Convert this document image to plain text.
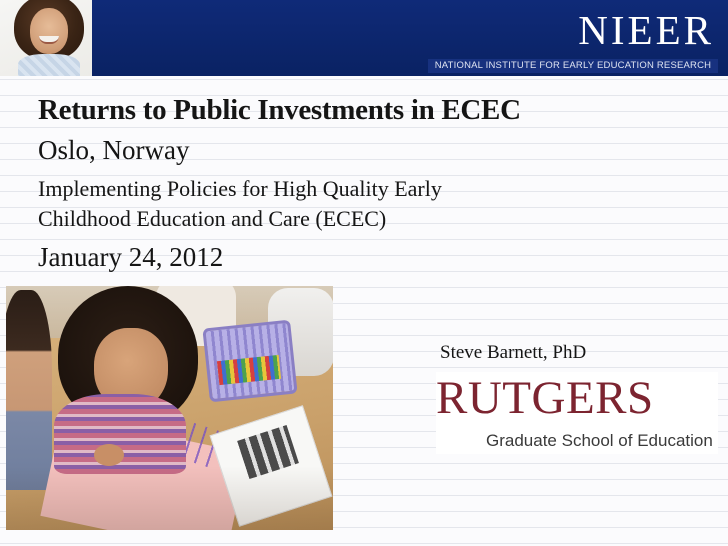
NIEER
NATIONAL INSTITUTE FOR EARLY EDUCATION RESEARCH
Returns to Public Investments in ECEC
Oslo, Norway
Implementing Policies for High Quality Early
Childhood Education and Care (ECEC)
January 24, 2012
Steve Barnett, PhD
RUTGERS
Graduate School of Education
